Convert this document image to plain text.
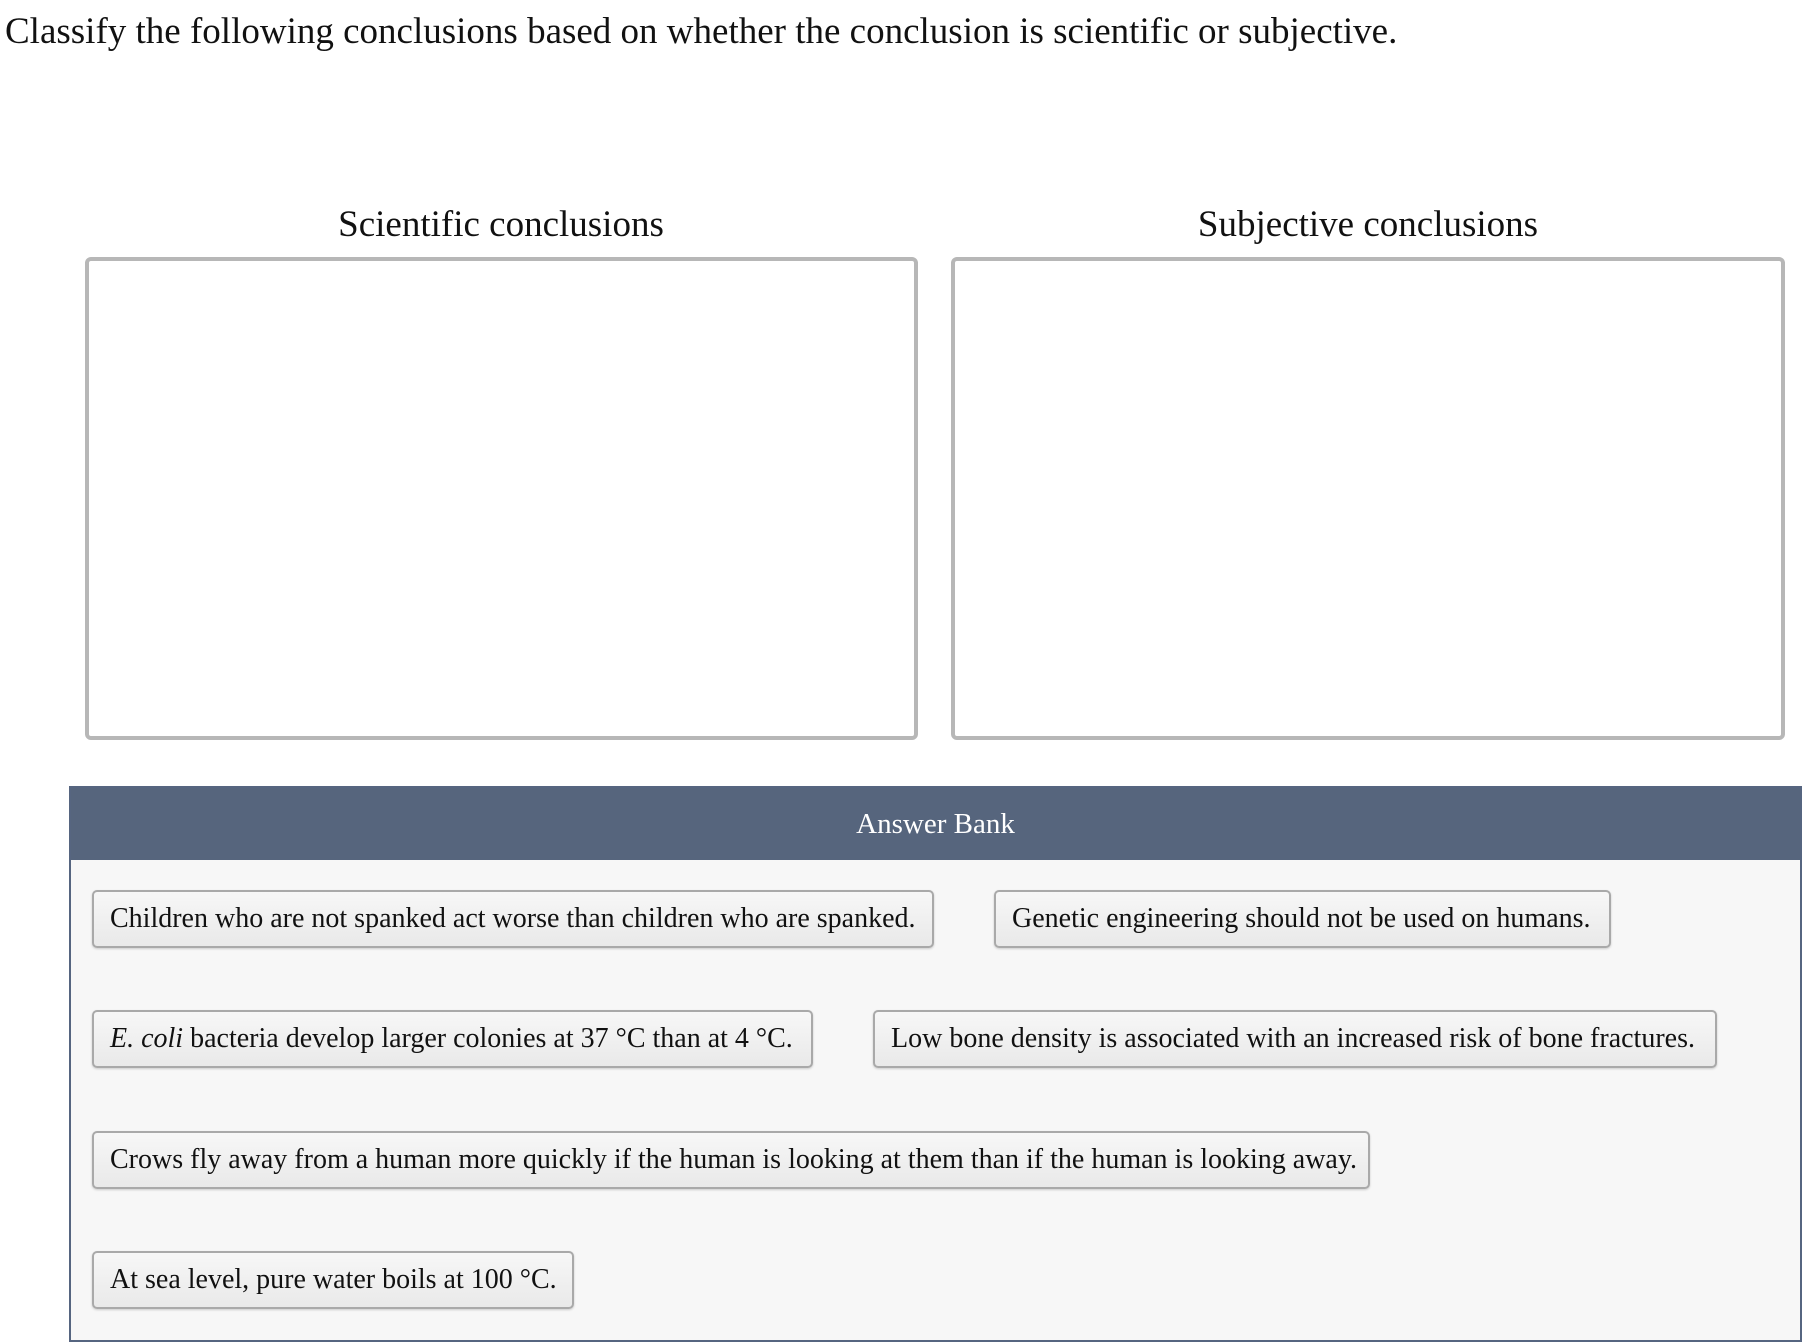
Classify the following conclusions based on whether the conclusion is scientific or subjective.
Scientific conclusions	Subjective conclusions
Answer Bank
Children who are not spanked act worse than children who are spanked.	Genetic engineering should not be used on humans.
E. coli bacteria develop larger colonies at 37 °C than at 4 °C.	Low bone density is associated with an increased risk of bone fractures.
Crows fly away from a human more quickly if the human is looking at them than if the human is looking away.
At sea level, pure water boils at 100 °C.
